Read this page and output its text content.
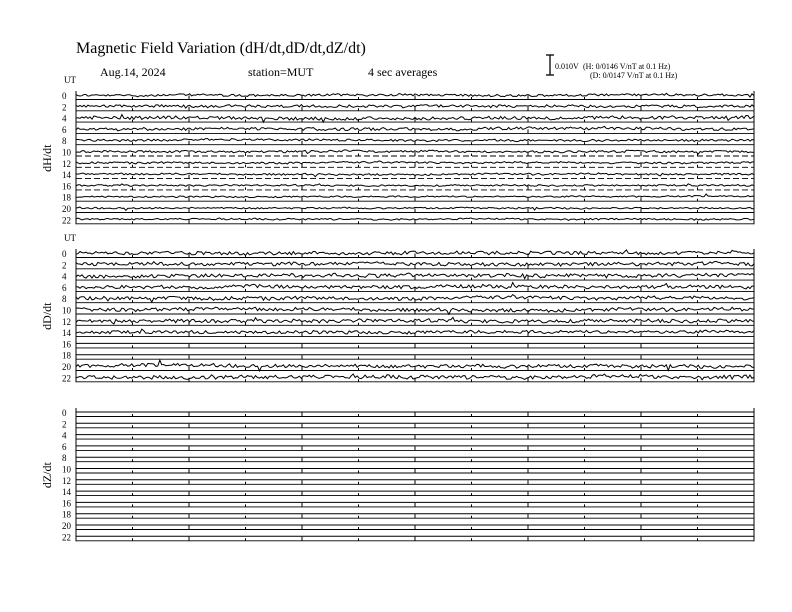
Magnetic Field Variation (dH/dt,dD/dt,dZ/dt)
Aug.14, 2024	station=MUT	4 sec averages	0.010V (H: 0/0146 V/nT at 0.1 Hz)
(D: 0/0147 V/nT at 0.1 Hz)
UT
dH/dt
0
2
4
6
8
10
12
14
16
18
20
22
UT
dD/dt
0
2
4
6
8
10
12
14
16
18
20
22
dZ/dt
0
2
4
6
8
10
12
14
16
18
20
22
